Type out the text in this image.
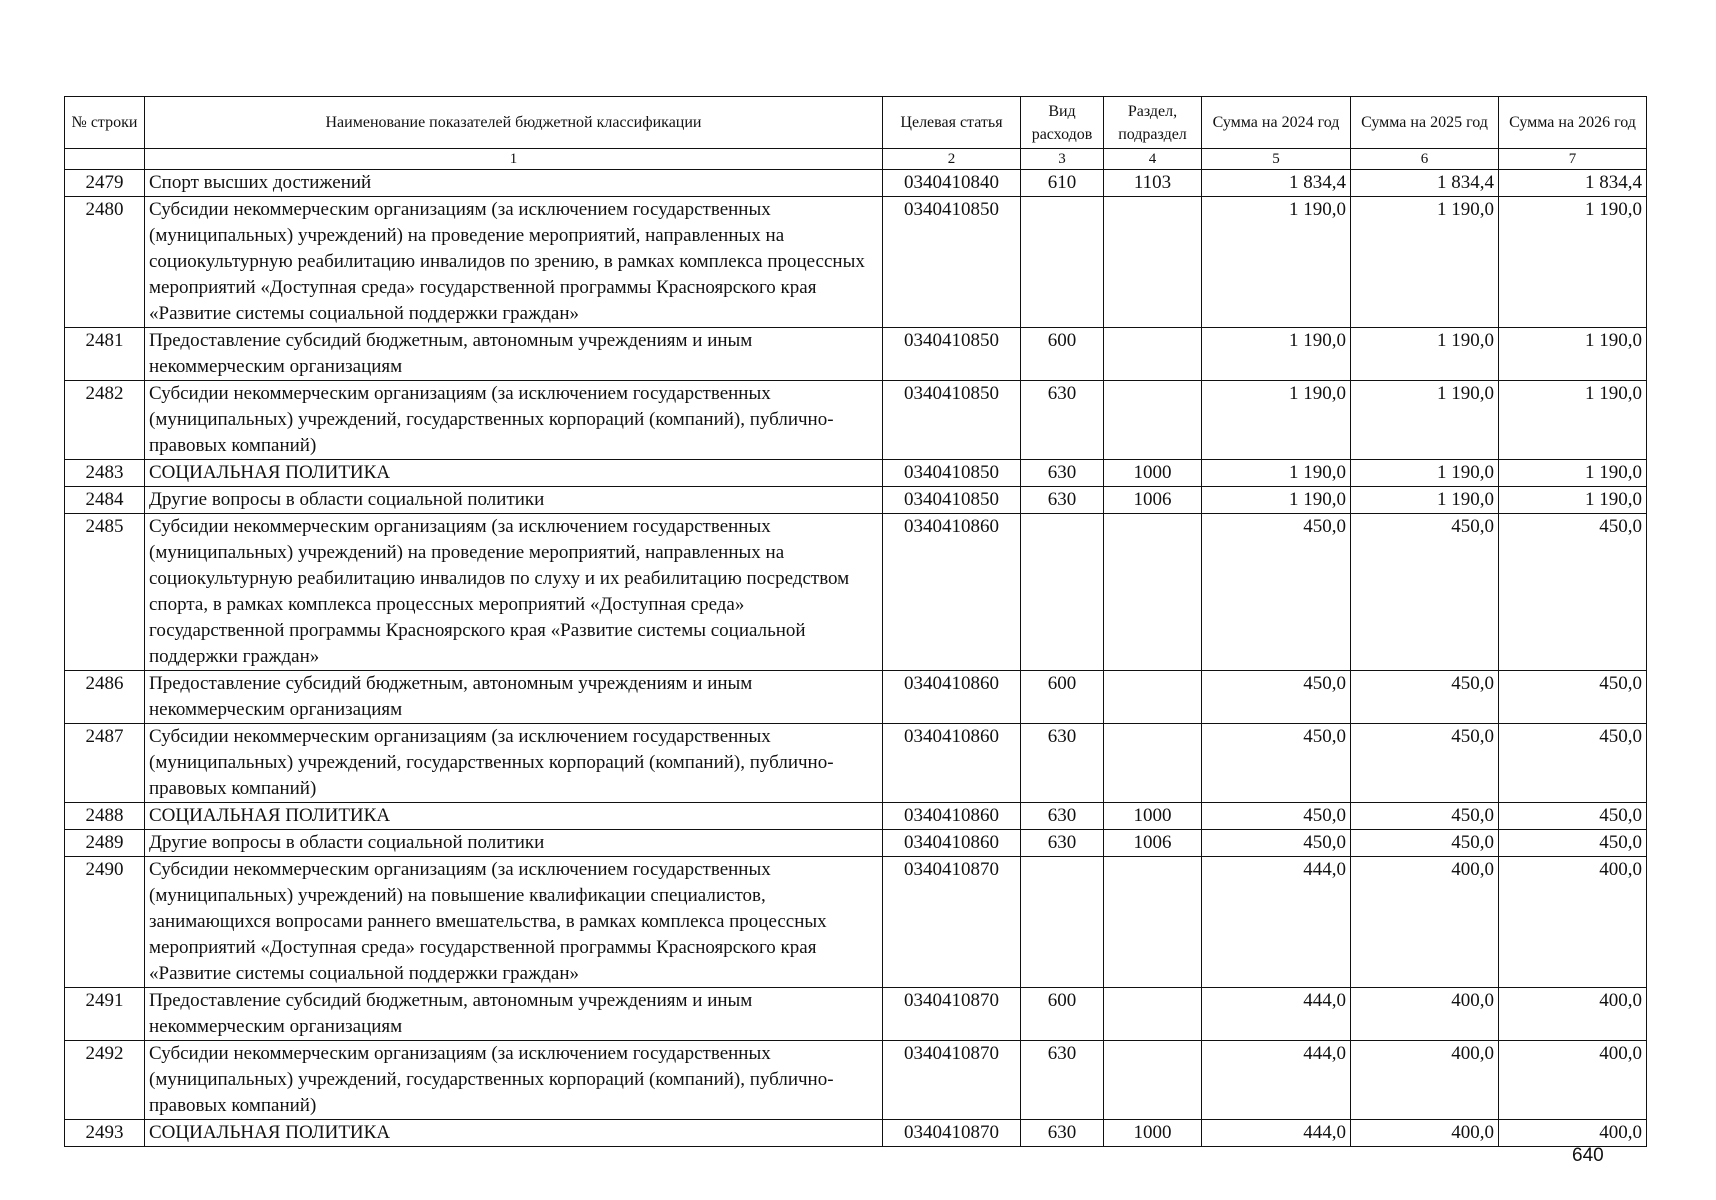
№ строки	Наименование показателей бюджетной классификации	Целевая статья	Вид расходов	Раздел, подраздел	Сумма на 2024 год	Сумма на 2025 год	Сумма на 2026 год
	1	2	3	4	5	6	7
2479	Спорт высших достижений	0340410840	610	1103	1 834,4	1 834,4	1 834,4
2480	Субсидии некоммерческим организациям (за исключением государственных (муниципальных) учреждений) на проведение мероприятий, направленных на социокультурную реабилитацию инвалидов по зрению, в рамках комплекса процессных мероприятий «Доступная среда» государственной программы Красноярского края «Развитие системы социальной поддержки граждан»	0340410850			1 190,0	1 190,0	1 190,0
2481	Предоставление субсидий бюджетным, автономным учреждениям и иным некоммерческим организациям	0340410850	600		1 190,0	1 190,0	1 190,0
2482	Субсидии некоммерческим организациям (за исключением государственных (муниципальных) учреждений, государственных корпораций (компаний), публично-правовых компаний)	0340410850	630		1 190,0	1 190,0	1 190,0
2483	СОЦИАЛЬНАЯ ПОЛИТИКА	0340410850	630	1000	1 190,0	1 190,0	1 190,0
2484	Другие вопросы в области социальной политики	0340410850	630	1006	1 190,0	1 190,0	1 190,0
2485	Субсидии некоммерческим организациям (за исключением государственных (муниципальных) учреждений) на проведение мероприятий, направленных на социокультурную реабилитацию инвалидов по слуху и их реабилитацию посредством спорта, в рамках комплекса процессных мероприятий «Доступная среда» государственной программы Красноярского края «Развитие системы социальной поддержки граждан»	0340410860			450,0	450,0	450,0
2486	Предоставление субсидий бюджетным, автономным учреждениям и иным некоммерческим организациям	0340410860	600		450,0	450,0	450,0
2487	Субсидии некоммерческим организациям (за исключением государственных (муниципальных) учреждений, государственных корпораций (компаний), публично-правовых компаний)	0340410860	630		450,0	450,0	450,0
2488	СОЦИАЛЬНАЯ ПОЛИТИКА	0340410860	630	1000	450,0	450,0	450,0
2489	Другие вопросы в области социальной политики	0340410860	630	1006	450,0	450,0	450,0
2490	Субсидии некоммерческим организациям (за исключением государственных (муниципальных) учреждений) на повышение квалификации специалистов, занимающихся вопросами раннего вмешательства, в рамках комплекса процессных мероприятий «Доступная среда» государственной программы Красноярского края «Развитие системы социальной поддержки граждан»	0340410870			444,0	400,0	400,0
2491	Предоставление субсидий бюджетным, автономным учреждениям и иным некоммерческим организациям	0340410870	600		444,0	400,0	400,0
2492	Субсидии некоммерческим организациям (за исключением государственных (муниципальных) учреждений, государственных корпораций (компаний), публично-правовых компаний)	0340410870	630		444,0	400,0	400,0
2493	СОЦИАЛЬНАЯ ПОЛИТИКА	0340410870	630	1000	444,0	400,0	400,0
640
